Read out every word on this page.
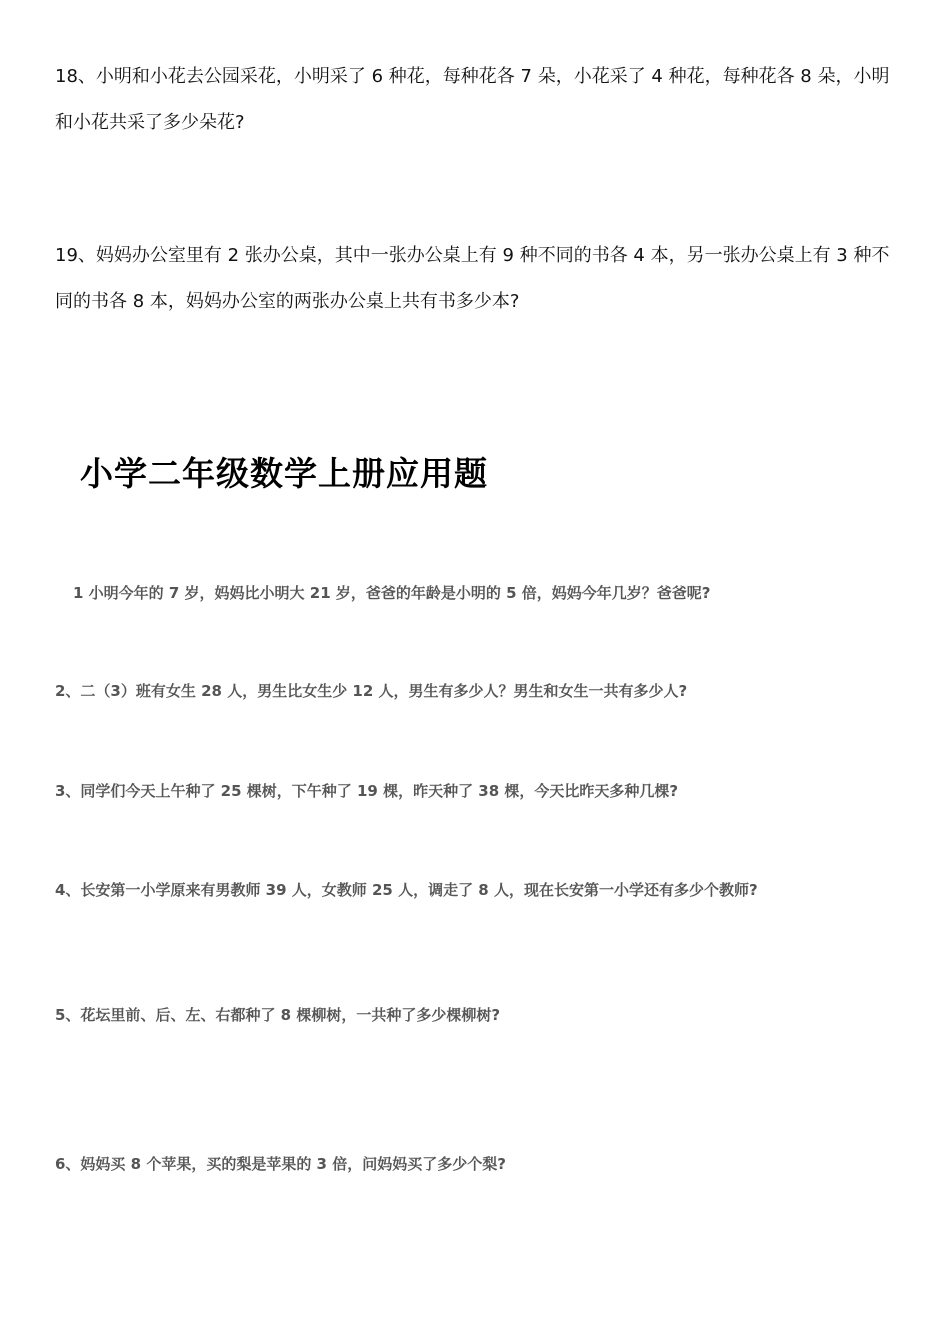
18、小明和小花去公园采花，小明采了 6 种花，每种花各 7 朵，小花采了 4 种花，每种花各 8 朵，小明和小花共采了多少朵花?
19、妈妈办公室里有 2 张办公桌，其中一张办公桌上有 9 种不同的书各 4 本，另一张办公桌上有 3 种不同的书各 8 本，妈妈办公室的两张办公桌上共有书多少本?
小学二年级数学上册应用题
1 小明今年的 7 岁，妈妈比小明大 21 岁，爸爸的年龄是小明的 5 倍，妈妈今年几岁？爸爸呢?
2、二（3）班有女生 28 人，男生比女生少 12 人，男生有多少人？男生和女生一共有多少人?
3、同学们今天上午种了 25 棵树，下午种了 19 棵，昨天种了 38 棵，今天比昨天多种几棵?
4、长安第一小学原来有男教师 39 人，女教师 25 人，调走了 8 人，现在长安第一小学还有多少个教师?
5、花坛里前、后、左、右都种了 8 棵柳树，一共种了多少棵柳树?
6、妈妈买 8 个苹果，买的梨是苹果的 3 倍，问妈妈买了多少个梨?
